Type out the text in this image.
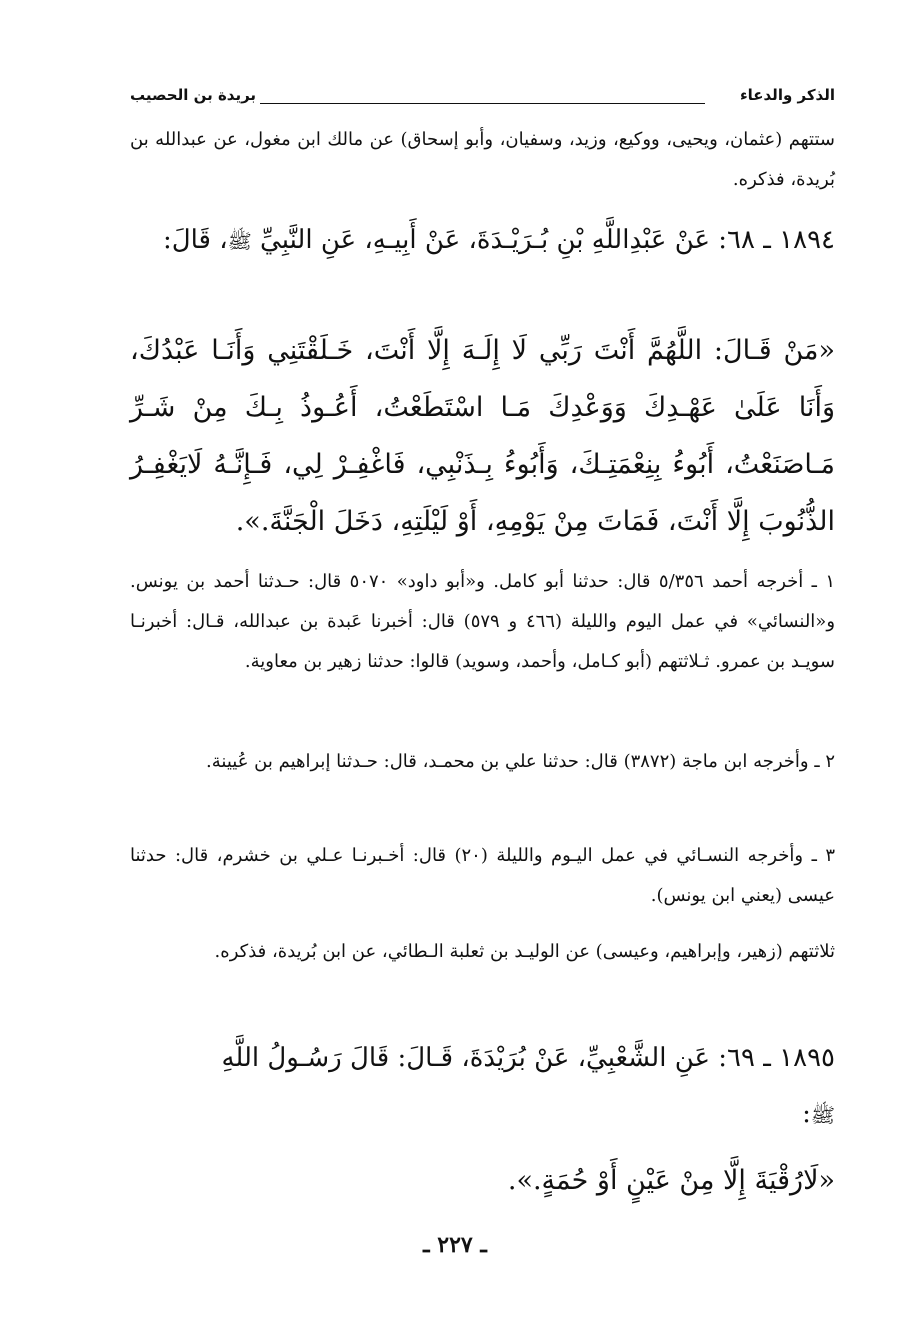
الذكر والدعاء
بريدة بن الحصيب
ستتهم (عثمان، ويحيى، ووكيع، وزيد، وسفيان، وأبو إسحاق) عن مالك ابن مغول، عن عبدالله بن بُريدة، فذكره.
١٨٩٤ ـ ٦٨: عَنْ عَبْدِاللَّهِ بْنِ بُـرَيْـدَةَ، عَنْ أَبِيـهِ، عَنِ النَّبِيِّ ﷺ، قَالَ:
«مَنْ قَـالَ: اللَّهُمَّ أَنْتَ رَبِّي لَا إِلَـهَ إِلَّا أَنْتَ، خَـلَقْتَنِي وَأَنَـا عَبْدُكَ، وَأَنَا عَلَىٰ عَهْـدِكَ وَوَعْدِكَ مَـا اسْتَطَعْتُ، أَعُـوذُ بِـكَ مِنْ شَـرِّ مَـاصَنَعْتُ، أَبُوءُ بِنِعْمَتِـكَ، وَأَبُوءُ بِـذَنْبِي، فَاغْفِـرْ لِي، فَـإِنَّـهُ لَايَغْفِـرُ الذُّنُوبَ إِلَّا أَنْتَ، فَمَاتَ مِنْ يَوْمِهِ، أَوْ لَيْلَتِهِ، دَخَلَ الْجَنَّةَ.».
١ ـ أخرجه أحمد ٥/٣٥٦ قال: حدثنا أبو كامل. و«أبو داود» ٥٠٧٠ قال: حـدثنا أحمد بن يونس. و«النسائي» في عمل اليوم والليلة (٤٦٦ و ٥٧٩) قال: أخبرنا عَبدة بن عبدالله، قـال: أخبرنـا سويـد بن عمرو. ثـلاثتهم (أبو كـامل، وأحمد، وسويد) قالوا: حدثنا زهير بن معاوية.
٢ ـ وأخرجه ابن ماجة (٣٨٧٢) قال: حدثنا علي بن محمـد، قال: حـدثنا إبراهيم بن عُيينة.
٣ ـ وأخرجه النسـائي في عمل اليـوم والليلة (٢٠) قال: أخـبرنـا عـلي بن خشرم، قال: حدثنا عيسى (يعني ابن يونس).
ثلاثتهم (زهير، وإبراهيم، وعيسى) عن الوليـد بن ثعلبة الـطائي، عن ابن بُريدة، فذكره.
١٨٩٥ ـ ٦٩: عَنِ الشَّعْبِيِّ، عَنْ بُرَيْدَةَ، قَـالَ: قَالَ رَسُـولُ اللَّهِ
ﷺ:
«لَارُقْيَةَ إِلَّا مِنْ عَيْنٍ أَوْ حُمَةٍ.».
ـ ٢٢٧ ـ
